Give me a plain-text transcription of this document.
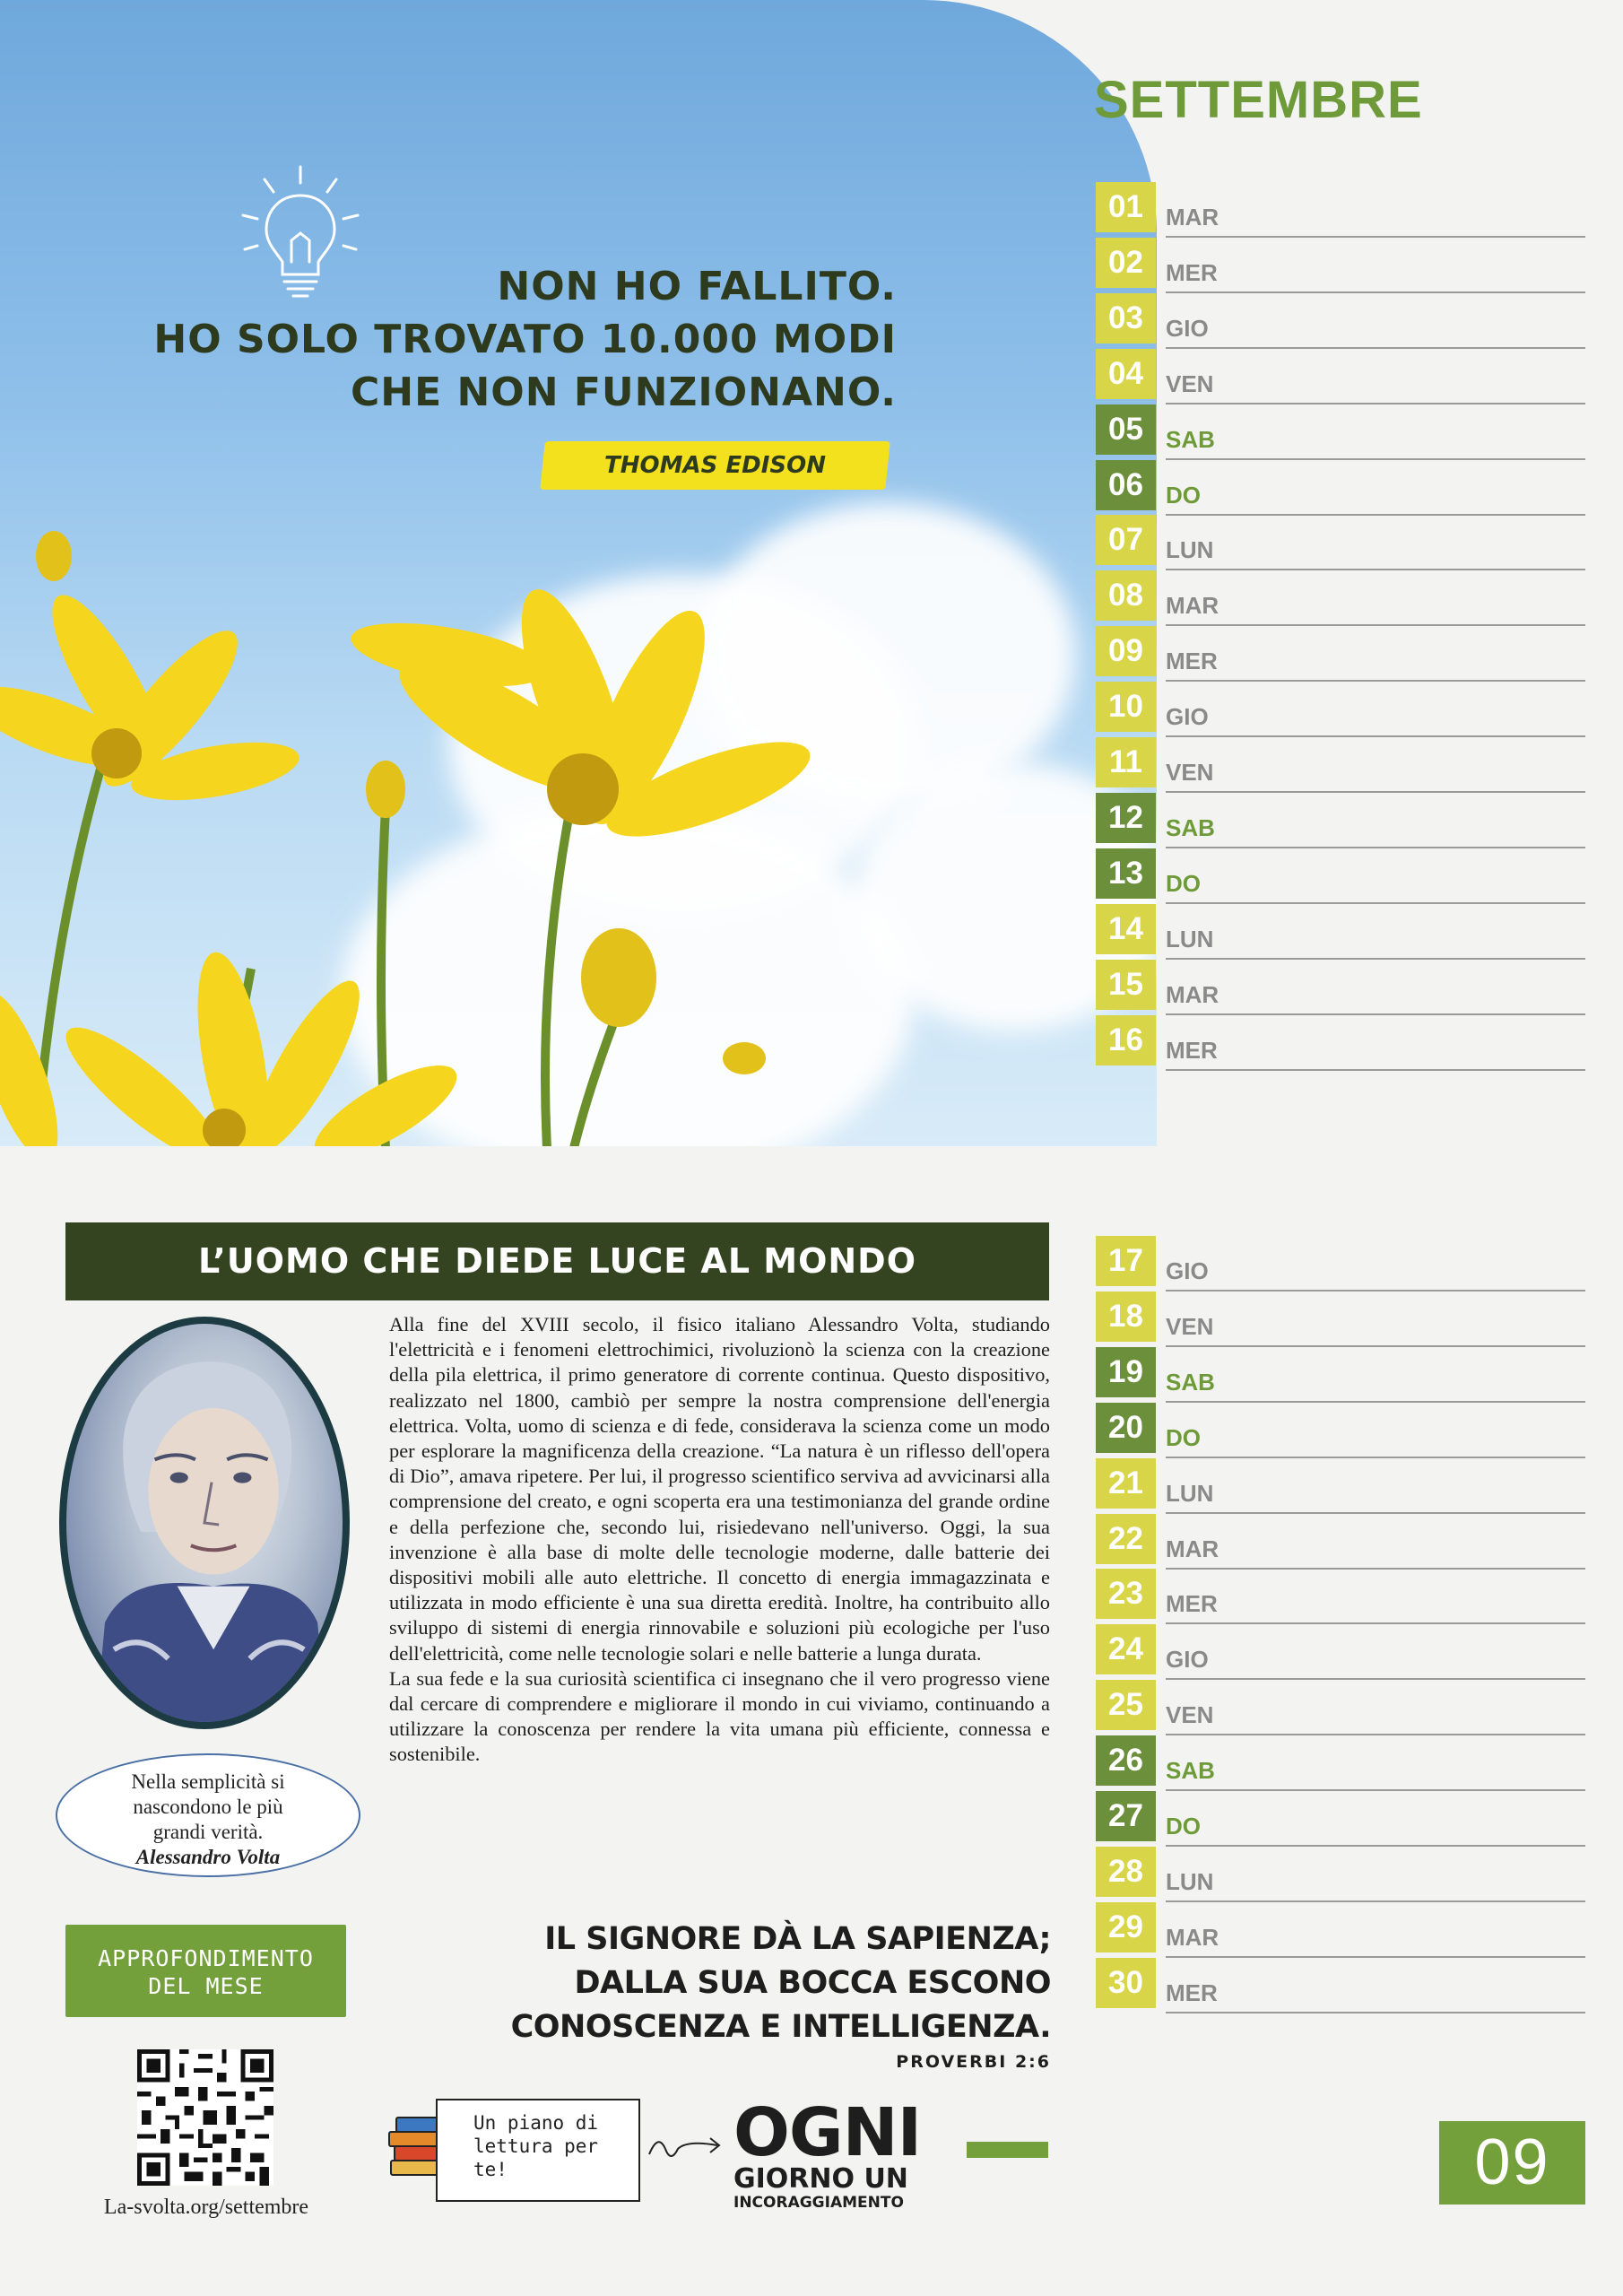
NON HO FALLITO.
HO SOLO TROVATO 10.000 MODI
CHE NON FUNZIONANO.
THOMAS EDISON
SETTEMBRE
01 MAR
02 MER
03 GIO
04 VEN
05 SAB
06 DO
07 LUN
08 MAR
09 MER
10 GIO
11	VEN
12 SAB
13 DO
14 LUN
15 MAR
16 MER
17 GIO
18 VEN
19 SAB
20 DO
21 LUN
22 MAR
23 MER
24 GIO
25 VEN
26 SAB
27 DO
28 LUN
29 MAR
30 MER
L’UOMO CHE DIEDE LUCE AL MONDO
Nella semplicità si
nascondono le più
grandi verità.
Alessandro Volta

Alla fine del XVIII secolo, il fisico italiano Alessandro Volta, studiando l'elettricità e i fenomeni elettrochimici, rivoluzionò la scienza con la creazione della pila elettrica, il primo generatore di corrente continua. Questo dispositivo, realizzato nel 1800, cambiò per sempre la nostra comprensione dell'energia elettrica. Volta, uomo di scienza e di fede, considerava la scienza come un modo per esplorare la magnificenza della creazione. “La natura è un riflesso dell'opera di Dio”, amava ripetere. Per lui, il progresso scientifico serviva ad avvicinarsi alla comprensione del creato, e ogni scoperta era una testimonianza del grande ordine e della perfezione che, secondo lui, risiedevano nell'universo. Oggi, la sua invenzione è alla base di molte delle tecnologie moderne, dalle batterie dei dispositivi mobili alle auto elettriche. Il concetto di energia immagazzinata e utilizzata in modo efficiente è una sua diretta eredità. Inoltre, ha contribuito allo sviluppo di sistemi di energia rinnovabile e soluzioni più ecologiche per l'uso dell'elettricità, come nelle tecnologie solari e nelle batterie a lunga durata.

La sua fede e la sua curiosità scientifica ci insegnano che il vero progresso viene dal cercare di comprendere e migliorare il mondo in cui viviamo, continuando a utilizzare la conoscenza per rendere la vita umana più efficiente, connessa e sostenibile.

IL SIGNORE DÀ LA SAPIENZA;
DALLA SUA BOCCA ESCONO
CONOSCENZA E INTELLIGENZA.
PROVERBI 2:6
APPROFONDIMENTO
DEL MESE
La-svolta.org/settembre
Un piano di
lettura per
te!	OGNI
GIORNO UN
INCORAGGIAMENTO
09
